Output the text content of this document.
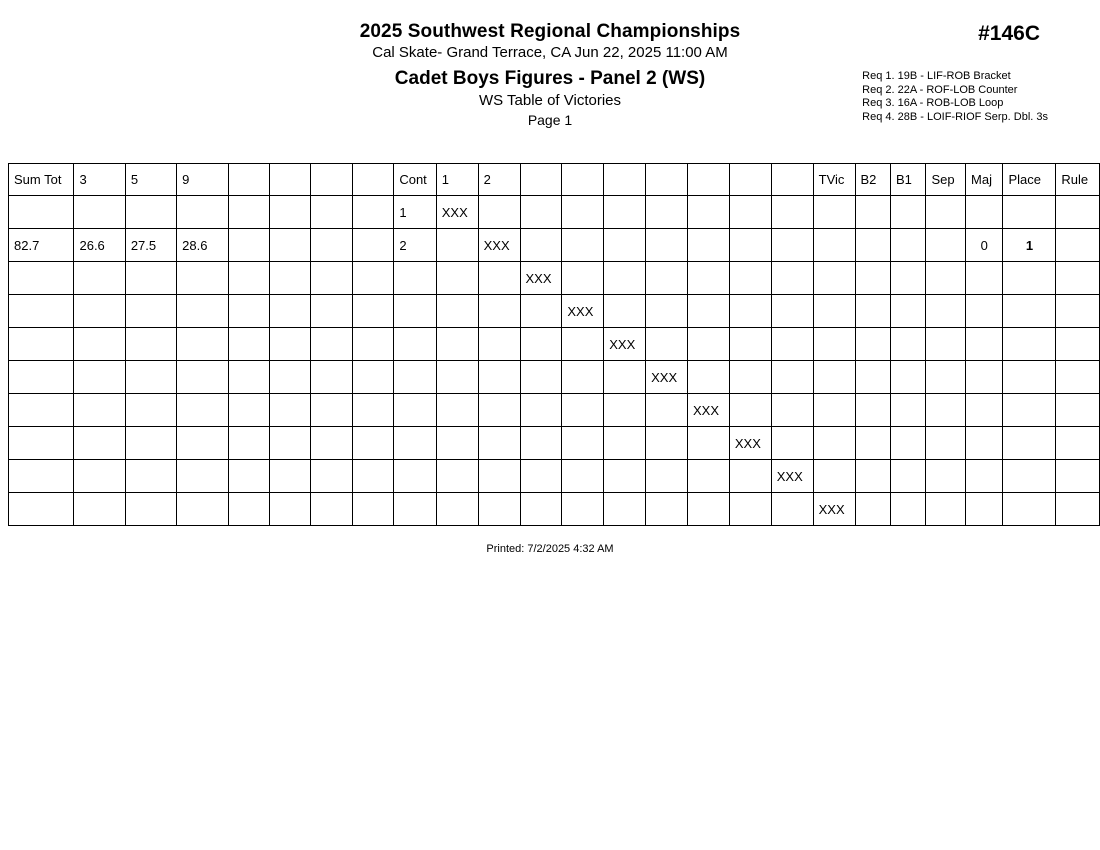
2025 Southwest Regional Championships
Cal Skate- Grand Terrace, CA Jun 22, 2025 11:00 AM
Cadet Boys Figures - Panel 2 (WS)
WS Table of Victories
Page 1
#146C
Req 1. 19B - LIF-ROB Bracket
Req 2. 22A - ROF-LOB Counter
Req 3. 16A - ROB-LOB Loop
Req 4. 28B - LOIF-RIOF Serp. Dbl. 3s
Sum Tot	3	5	9					Cont	1	2								TVic	B2	B1	Sep	Maj	Place	Rule
								1	XXX															
82.7	26.6	27.5	28.6					2		XXX												0	1	
											XXX													
												XXX												
													XXX											
														XXX										
															XXX									
																XXX								
																	XXX							
																		XXX						
Printed: 7/2/2025 4:32 AM
